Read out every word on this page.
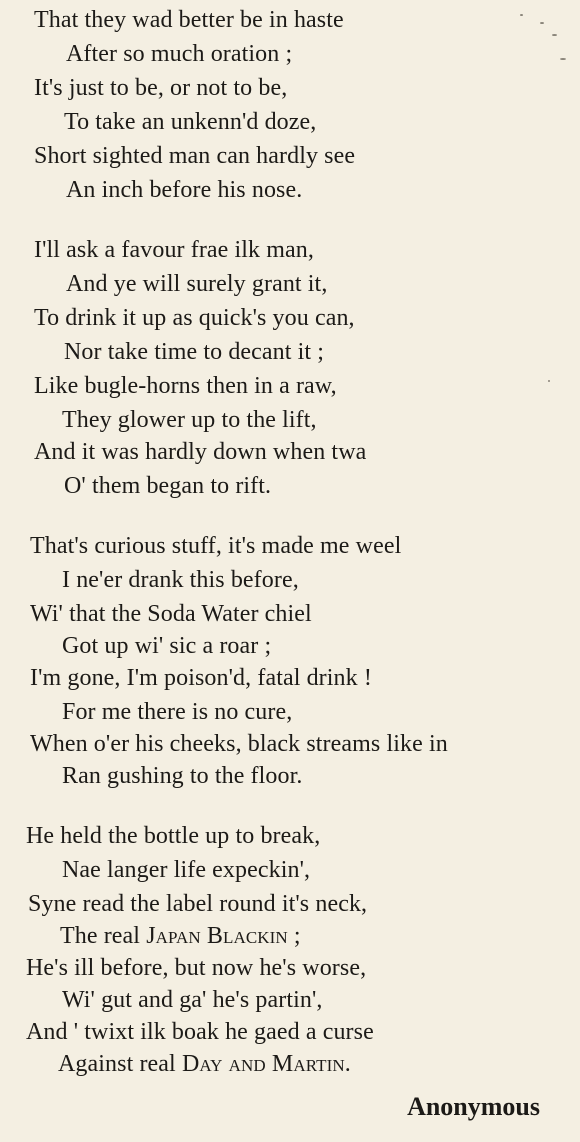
That they wad better be in haste
After so much oration ;
It's just to be, or not to be,
To take an unkenn'd doze,
Short sighted man can hardly see
An inch before his nose.
I'll ask a favour frae ilk man,
And ye will surely grant it,
To drink it up as quick's you can,
Nor take time to decant it ;
Like bugle-horns then in a raw,
They glower up to the lift,
And it was hardly down when twa
O' them began to rift.
That's curious stuff, it's made me weel
I ne'er drank this before,
Wi' that the Soda Water chiel
Got up wi' sic a roar ;
I'm gone, I'm poison'd, fatal drink !
For me there is no cure,
When o'er his cheeks, black streams like in
Ran gushing to the floor.
He held the bottle up to break,
Nae langer life expeckin',
Syne read the label round it's neck,
The real Japan Blackin ;
He's ill before, but now he's worse,
Wi' gut and ga' he's partin',
And ' twixt ilk boak he gaed a curse
Against real Day and Martin.
Anonymous
